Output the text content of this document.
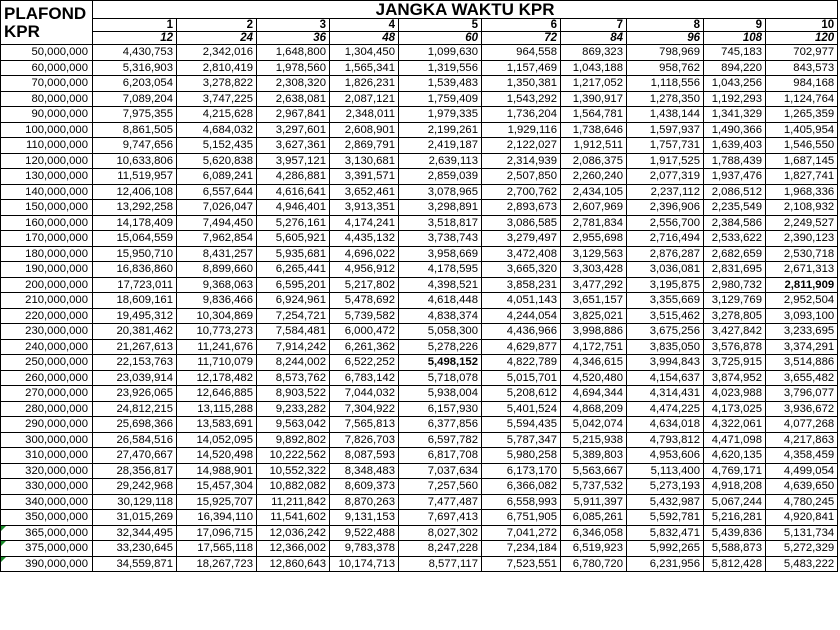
PLAFOND
KPR	JANGKA WAKTU KPR									
	1	2	3	4	5	6	7	8	9	10
	12	24	36	48	60	72	84	96	108	120
50,000,000	4,430,753	2,342,016	1,648,800	1,304,450	1,099,630	964,558	869,323	798,969	745,183	702,977
60,000,000	5,316,903	2,810,419	1,978,560	1,565,341	1,319,556	1,157,469	1,043,188	958,762	894,220	843,573
70,000,000	6,203,054	3,278,822	2,308,320	1,826,231	1,539,483	1,350,381	1,217,052	1,118,556	1,043,256	984,168
80,000,000	7,089,204	3,747,225	2,638,081	2,087,121	1,759,409	1,543,292	1,390,917	1,278,350	1,192,293	1,124,764
90,000,000	7,975,355	4,215,628	2,967,841	2,348,011	1,979,335	1,736,204	1,564,781	1,438,144	1,341,329	1,265,359
100,000,000	8,861,505	4,684,032	3,297,601	2,608,901	2,199,261	1,929,116	1,738,646	1,597,937	1,490,366	1,405,954
110,000,000	9,747,656	5,152,435	3,627,361	2,869,791	2,419,187	2,122,027	1,912,511	1,757,731	1,639,403	1,546,550
120,000,000	10,633,806	5,620,838	3,957,121	3,130,681	2,639,113	2,314,939	2,086,375	1,917,525	1,788,439	1,687,145
130,000,000	11,519,957	6,089,241	4,286,881	3,391,571	2,859,039	2,507,850	2,260,240	2,077,319	1,937,476	1,827,741
140,000,000	12,406,108	6,557,644	4,616,641	3,652,461	3,078,965	2,700,762	2,434,105	2,237,112	2,086,512	1,968,336
150,000,000	13,292,258	7,026,047	4,946,401	3,913,351	3,298,891	2,893,673	2,607,969	2,396,906	2,235,549	2,108,932
160,000,000	14,178,409	7,494,450	5,276,161	4,174,241	3,518,817	3,086,585	2,781,834	2,556,700	2,384,586	2,249,527
170,000,000	15,064,559	7,962,854	5,605,921	4,435,132	3,738,743	3,279,497	2,955,698	2,716,494	2,533,622	2,390,123
180,000,000	15,950,710	8,431,257	5,935,681	4,696,022	3,958,669	3,472,408	3,129,563	2,876,287	2,682,659	2,530,718
190,000,000	16,836,860	8,899,660	6,265,441	4,956,912	4,178,595	3,665,320	3,303,428	3,036,081	2,831,695	2,671,313
200,000,000	17,723,011	9,368,063	6,595,201	5,217,802	4,398,521	3,858,231	3,477,292	3,195,875	2,980,732	2,811,909
210,000,000	18,609,161	9,836,466	6,924,961	5,478,692	4,618,448	4,051,143	3,651,157	3,355,669	3,129,769	2,952,504
220,000,000	19,495,312	10,304,869	7,254,721	5,739,582	4,838,374	4,244,054	3,825,021	3,515,462	3,278,805	3,093,100
230,000,000	20,381,462	10,773,273	7,584,481	6,000,472	5,058,300	4,436,966	3,998,886	3,675,256	3,427,842	3,233,695
240,000,000	21,267,613	11,241,676	7,914,242	6,261,362	5,278,226	4,629,877	4,172,751	3,835,050	3,576,878	3,374,291
250,000,000	22,153,763	11,710,079	8,244,002	6,522,252	5,498,152	4,822,789	4,346,615	3,994,843	3,725,915	3,514,886
260,000,000	23,039,914	12,178,482	8,573,762	6,783,142	5,718,078	5,015,701	4,520,480	4,154,637	3,874,952	3,655,482
270,000,000	23,926,065	12,646,885	8,903,522	7,044,032	5,938,004	5,208,612	4,694,344	4,314,431	4,023,988	3,796,077
280,000,000	24,812,215	13,115,288	9,233,282	7,304,922	6,157,930	5,401,524	4,868,209	4,474,225	4,173,025	3,936,672
290,000,000	25,698,366	13,583,691	9,563,042	7,565,813	6,377,856	5,594,435	5,042,074	4,634,018	4,322,061	4,077,268
300,000,000	26,584,516	14,052,095	9,892,802	7,826,703	6,597,782	5,787,347	5,215,938	4,793,812	4,471,098	4,217,863
310,000,000	27,470,667	14,520,498	10,222,562	8,087,593	6,817,708	5,980,258	5,389,803	4,953,606	4,620,135	4,358,459
320,000,000	28,356,817	14,988,901	10,552,322	8,348,483	7,037,634	6,173,170	5,563,667	5,113,400	4,769,171	4,499,054
330,000,000	29,242,968	15,457,304	10,882,082	8,609,373	7,257,560	6,366,082	5,737,532	5,273,193	4,918,208	4,639,650
340,000,000	30,129,118	15,925,707	11,211,842	8,870,263	7,477,487	6,558,993	5,911,397	5,432,987	5,067,244	4,780,245
350,000,000	31,015,269	16,394,110	11,541,602	9,131,153	7,697,413	6,751,905	6,085,261	5,592,781	5,216,281	4,920,841
365,000,000	32,344,495	17,096,715	12,036,242	9,522,488	8,027,302	7,041,272	6,346,058	5,832,471	5,439,836	5,131,734
375,000,000	33,230,645	17,565,118	12,366,002	9,783,378	8,247,228	7,234,184	6,519,923	5,992,265	5,588,873	5,272,329
390,000,000	34,559,871	18,267,723	12,860,643	10,174,713	8,577,117	7,523,551	6,780,720	6,231,956	5,812,428	5,483,222
